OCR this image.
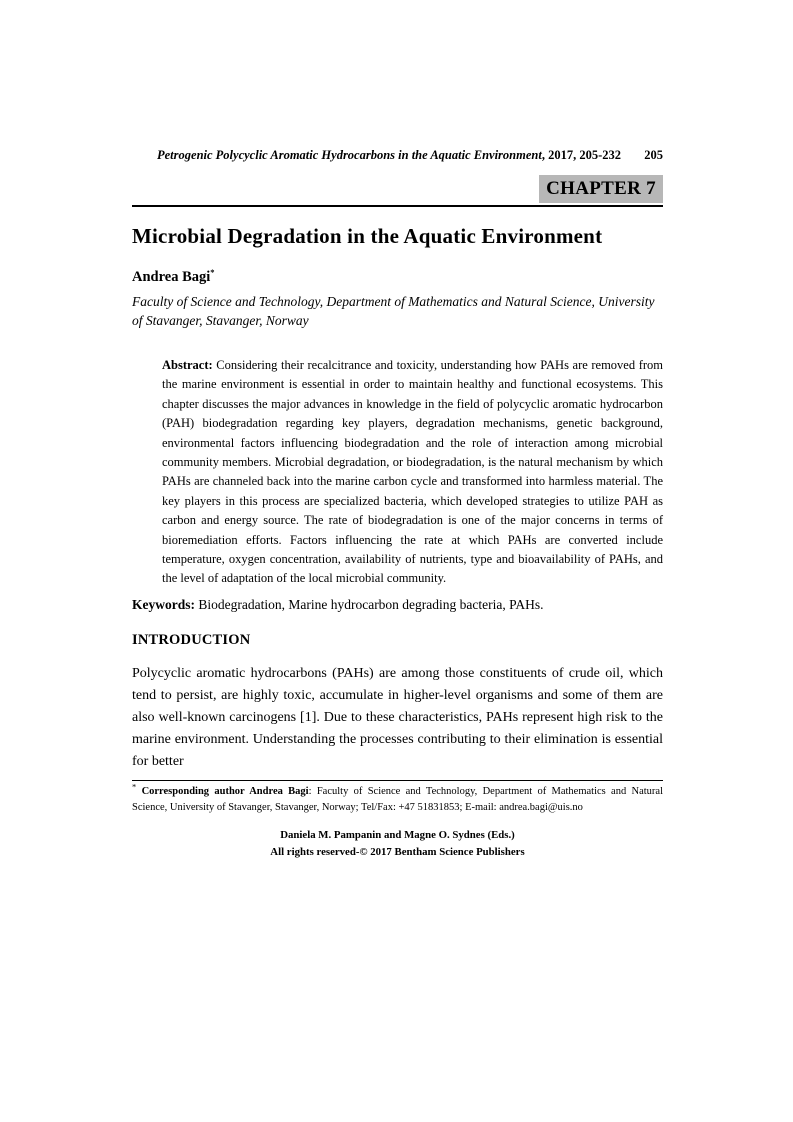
Petrogenic Polycyclic Aromatic Hydrocarbons in the Aquatic Environment, 2017, 205-232 205
CHAPTER 7
Microbial Degradation in the Aquatic Environment
Andrea Bagi*

Faculty of Science and Technology, Department of Mathematics and Natural Science, University of Stavanger, Stavanger, Norway

Abstract: Considering their recalcitrance and toxicity, understanding how PAHs are removed from the marine environment is essential in order to maintain healthy and functional ecosystems. This chapter discusses the major advances in knowledge in the field of polycyclic aromatic hydrocarbon (PAH) biodegradation regarding key players, degradation mechanisms, genetic background, environmental factors influencing biodegradation and the role of interaction among microbial community members. Microbial degradation, or biodegradation, is the natural mechanism by which PAHs are channeled back into the marine carbon cycle and transformed into harmless material. The key players in this process are specialized bacteria, which developed strategies to utilize PAH as carbon and energy source. The rate of biodegradation is one of the major concerns in terms of bioremediation efforts. Factors influencing the rate at which PAHs are converted include temperature, oxygen concentration, availability of nutrients, type and bioavailability of PAHs, and the level of adaptation of the local microbial community.

Keywords: Biodegradation, Marine hydrocarbon degrading bacteria, PAHs.

INTRODUCTION

Polycyclic aromatic hydrocarbons (PAHs) are among those constituents of crude oil, which tend to persist, are highly toxic, accumulate in higher-level organisms and some of them are also well-known carcinogens [1]. Due to these characteristics, PAHs represent high risk to the marine environment. Understanding the processes contributing to their elimination is essential for better

* Corresponding author Andrea Bagi: Faculty of Science and Technology, Department of Mathematics and Natural Science, University of Stavanger, Stavanger, Norway; Tel/Fax: +47 51831853; E-mail: andrea.bagi@uis.no

Daniela M. Pampanin and Magne O. Sydnes (Eds.)
All rights reserved-© 2017 Bentham Science Publishers
